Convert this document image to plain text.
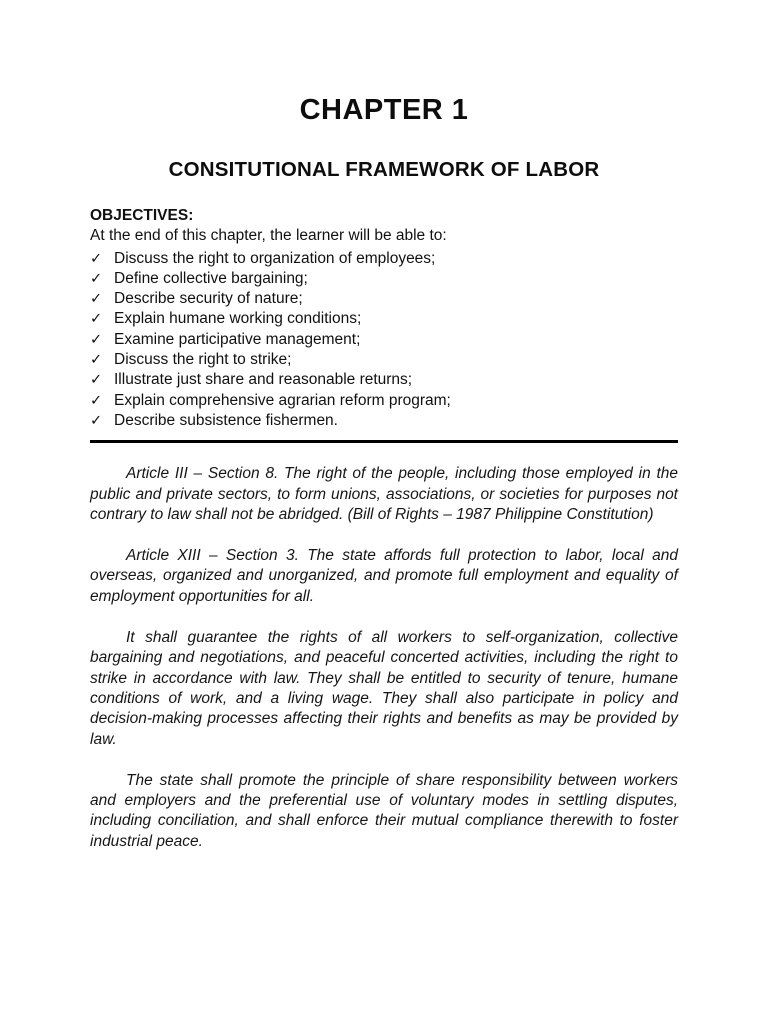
CHAPTER 1
CONSITUTIONAL FRAMEWORK OF LABOR

OBJECTIVES:

At the end of this chapter, the learner will be able to:

✓ Discuss the right to organization of employees;
✓ Define collective bargaining;
✓ Describe security of nature;
✓ Explain humane working conditions;
✓ Examine participative management;
✓ Discuss the right to strike;
✓ Illustrate just share and reasonable returns;
✓ Explain comprehensive agrarian reform program;
✓ Describe subsistence fishermen.

Article III – Section 8. The right of the people, including those employed in the public and private sectors, to form unions, associations, or societies for purposes not contrary to law shall not be abridged. (Bill of Rights – 1987 Philippine Constitution)

Article XIII – Section 3. The state affords full protection to labor, local and overseas, organized and unorganized, and promote full employment and equality of employment opportunities for all.

It shall guarantee the rights of all workers to self-organization, collective bargaining and negotiations, and peaceful concerted activities, including the right to strike in accordance with law. They shall be entitled to security of tenure, humane conditions of work, and a living wage. They shall also participate in policy and decision-making processes affecting their rights and benefits as may be provided by law.

The state shall promote the principle of share responsibility between workers and employers and the preferential use of voluntary modes in settling disputes, including conciliation, and shall enforce their mutual compliance therewith to foster industrial peace.
